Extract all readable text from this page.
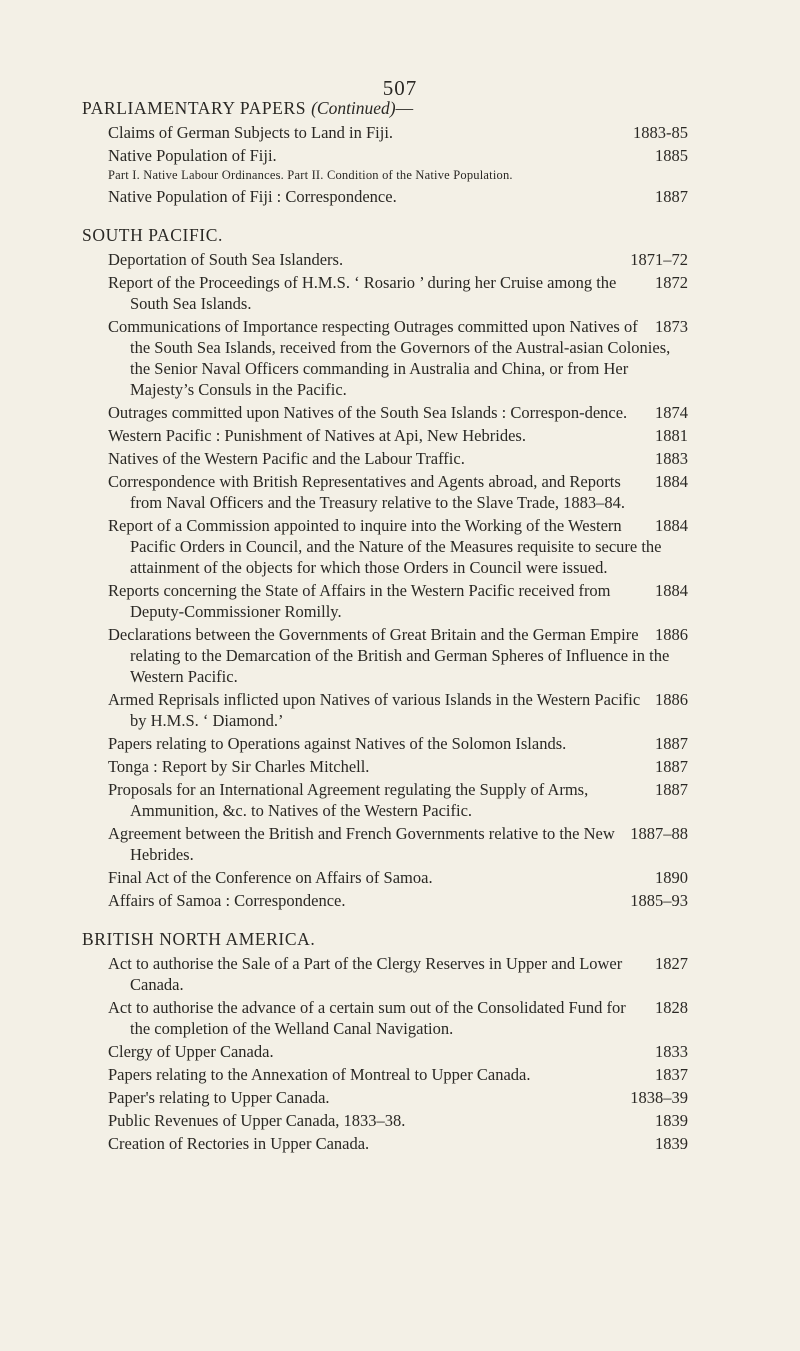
507
PARLIAMENTARY PAPERS (Continued)—
1883-85
Claims of German Subjects to Land in Fiji.
1885
Native Population of Fiji.
Part I. Native Labour Ordinances. Part II. Condition of the Native Population.
1887
Native Population of Fiji : Correspondence.
SOUTH PACIFIC.
1871–72
Deportation of South Sea Islanders.
1872
Report of the Proceedings of H.M.S. ‘ Rosario ’ during her Cruise among the South Sea Islands.
1873
Communications of Importance respecting Outrages committed upon Natives of the South Sea Islands, received from the Governors of the Austral-asian Colonies, the Senior Naval Officers commanding in Australia and China, or from Her Majesty’s Consuls in the Pacific.
1874
Outrages committed upon Natives of the South Sea Islands : Correspon-dence.
1881
Western Pacific : Punishment of Natives at Api, New Hebrides.
1883
Natives of the Western Pacific and the Labour Traffic.
1884
Correspondence with British Representatives and Agents abroad, and Reports from Naval Officers and the Treasury relative to the Slave Trade, 1883–84.
1884
Report of a Commission appointed to inquire into the Working of the Western Pacific Orders in Council, and the Nature of the Measures requisite to secure the attainment of the objects for which those Orders in Council were issued.
1884
Reports concerning the State of Affairs in the Western Pacific received from Deputy-Commissioner Romilly.
1886
Declarations between the Governments of Great Britain and the German Empire relating to the Demarcation of the British and German Spheres of Influence in the Western Pacific.
1886
Armed Reprisals inflicted upon Natives of various Islands in the Western Pacific by H.M.S. ‘ Diamond.’
1887
Papers relating to Operations against Natives of the Solomon Islands.
1887
Tonga : Report by Sir Charles Mitchell.
1887
Proposals for an International Agreement regulating the Supply of Arms, Ammunition, &c. to Natives of the Western Pacific.
1887–88
Agreement between the British and French Governments relative to the New Hebrides.
1890
Final Act of the Conference on Affairs of Samoa.
1885–93
Affairs of Samoa : Correspondence.
BRITISH NORTH AMERICA.
1827
Act to authorise the Sale of a Part of the Clergy Reserves in Upper and Lower Canada.
1828
Act to authorise the advance of a certain sum out of the Consolidated Fund for the completion of the Welland Canal Navigation.
1833
Clergy of Upper Canada.
1837
Papers relating to the Annexation of Montreal to Upper Canada.
1838–39
Paper's relating to Upper Canada.
1839
Public Revenues of Upper Canada, 1833–38.
1839
Creation of Rectories in Upper Canada.
